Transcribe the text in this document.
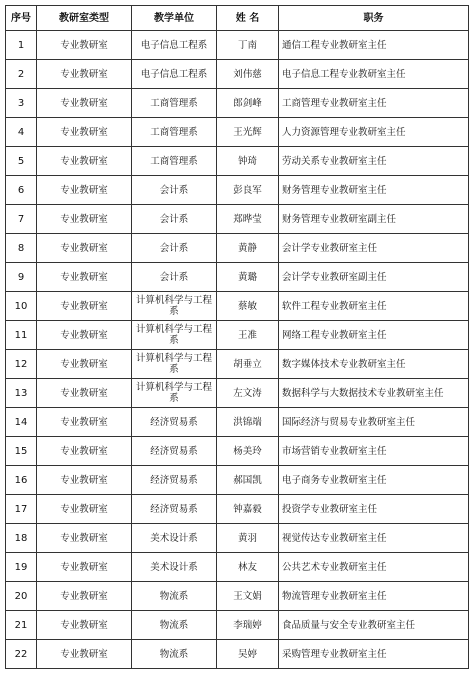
序号	教研室类型	教学单位	姓 名	职务
1	专业教研室	电子信息工程系	丁南	通信工程专业教研室主任
2	专业教研室	电子信息工程系	刘伟慈	电子信息工程专业教研室主任
3	专业教研室	工商管理系	郎剑峰	工商管理专业教研室主任
4	专业教研室	工商管理系	王光辉	人力资源管理专业教研室主任
5	专业教研室	工商管理系	钟琦	劳动关系专业教研室主任
6	专业教研室	会计系	彭良军	财务管理专业教研室主任
7	专业教研室	会计系	郑晔莹	财务管理专业教研室副主任
8	专业教研室	会计系	黄静	会计学专业教研室主任
9	专业教研室	会计系	黄璐	会计学专业教研室副主任
10	专业教研室	计算机科学与工程系	蔡敏	软件工程专业教研室主任
11	专业教研室	计算机科学与工程系	王准	网络工程专业教研室主任
12	专业教研室	计算机科学与工程系	胡垂立	数字媒体技术专业教研室主任
13	专业教研室	计算机科学与工程系	左文涛	数据科学与大数据技术专业教研室主任
14	专业教研室	经济贸易系	洪锦端	国际经济与贸易专业教研室主任
15	专业教研室	经济贸易系	杨美玲	市场营销专业教研室主任
16	专业教研室	经济贸易系	郝国凯	电子商务专业教研室主任
17	专业教研室	经济贸易系	钟嘉毅	投资学专业教研室主任
18	专业教研室	美术设计系	黄羽	视觉传达专业教研室主任
19	专业教研室	美术设计系	林友	公共艺术专业教研室主任
20	专业教研室	物流系	王文娟	物流管理专业教研室主任
21	专业教研室	物流系	李瑞婷	食品质量与安全专业教研室主任
22	专业教研室	物流系	吴婷	采购管理专业教研室主任
